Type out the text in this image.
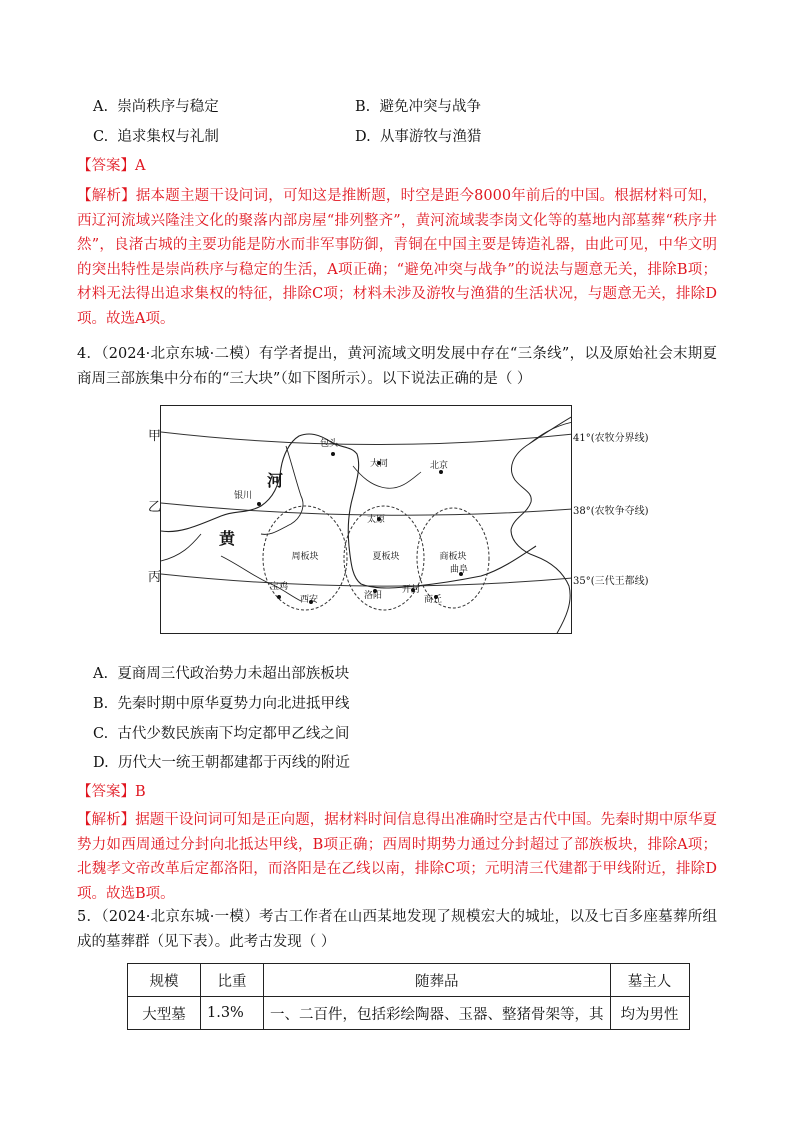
A. 崇尚秩序与稳定	B. 避免冲突与战争
C. 追求集权与礼制	D. 从事游牧与渔猎
【答案】A
【解析】据本题主题干设问词，可知这是推断题，时空是距今8000年前后的中国。根据材料可知，西辽河流域兴隆洼文化的聚落内部房屋“排列整齐”，黄河流域裴李岗文化等的墓地内部墓葬“秩序井然”，良渚古城的主要功能是防水而非军事防御，青铜在中国主要是铸造礼器，由此可见，中华文明的突出特性是崇尚秩序与稳定的生活，A项正确；“避免冲突与战争”的说法与题意无关，排除B项；材料无法得出追求集权的特征，排除C项；材料未涉及游牧与渔猎的生活状况，与题意无关，排除D项。故选A项。
4．（2024·北京东城·二模）有学者提出，黄河流域文明发展中存在“三条线”，以及原始社会末期夏商周三部族集中分布的“三大块”（如下图所示）。以下说法正确的是（ ）
包头
大同	北京
银川
太原
曲阜
宝鸡
西安	洛阳
开封
商丘
周板块	夏板块	商板块
河
黄
甲
乙
丙
41°(农牧分界线)
38°(农牧争夺线)
35°(三代王都线)
A. 夏商周三代政治势力未超出部族板块
B. 先秦时期中原华夏势力向北进抵甲线
C. 古代少数民族南下均定都甲乙线之间
D. 历代大一统王朝都建都于丙线的附近
【答案】B
【解析】据题干设问词可知是正向题，据材料时间信息得出准确时空是古代中国。先秦时期中原华夏势力如西周通过分封向北抵达甲线，B项正确；西周时期势力通过分封超过了部族板块，排除A项；北魏孝文帝改革后定都洛阳，而洛阳是在乙线以南，排除C项；元明清三代建都于甲线附近，排除D项。故选B项。
5．（2024·北京东城·一模）考古工作者在山西某地发现了规模宏大的城址，以及七百多座墓葬所组成的墓葬群（见下表）。此考古发现（ ）
规模	比重	随葬品	墓主人
大型墓	1.3%	一、二百件，包括彩绘陶器、玉器、整猪骨架等，其	均为男性
